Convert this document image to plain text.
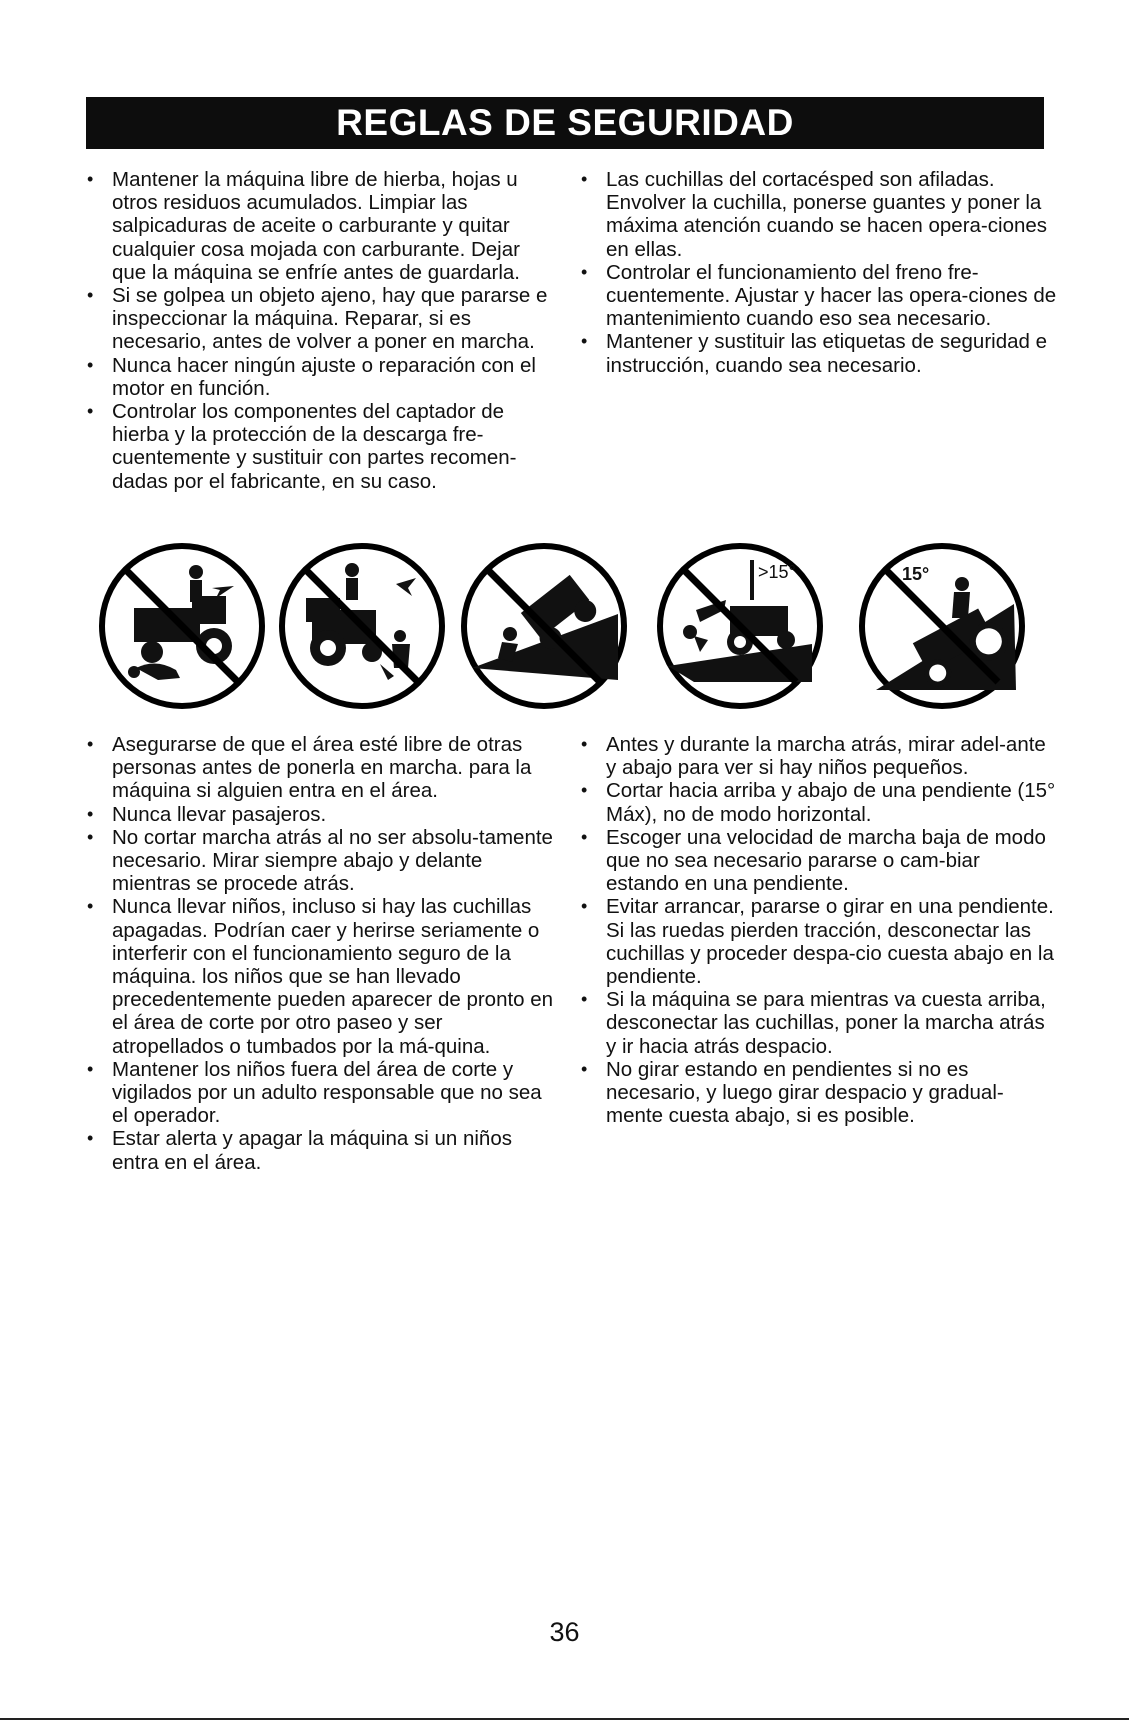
REGLAS DE SEGURIDAD
• Mantener la máquina libre de hierba, hojas u otros residuos acumulados. Limpiar las salpicaduras de aceite o carburante y quitar cualquier cosa mojada con carburante. Dejar que la máquina se enfríe antes de guardarla.
• Si se golpea un objeto ajeno, hay que pararse e inspeccionar la máquina. Reparar, si es necesario, antes de volver a poner en marcha.
• Nunca hacer ningún ajuste o reparación con el motor en función.
• Controlar los componentes del captador de hierba y la protección de la descarga fre-cuentemente y sustituir con partes recomen-dadas por el fabricante, en su caso.
• Las cuchillas del cortacésped son afiladas. Envolver la cuchilla, ponerse guantes y poner la máxima atención cuando se hacen opera-ciones en ellas.
• Controlar el funcionamiento del freno fre-cuentemente. Ajustar y hacer las opera-ciones de mantenimiento cuando eso sea necesario.
• Mantener y sustituir las etiquetas de seguridad e instrucción, cuando sea necesario.
>15°	15°
• Asegurarse de que el área esté libre de otras personas antes de ponerla en marcha. para la máquina si alguien entra en el área.
• Nunca llevar pasajeros.
• No cortar marcha atrás al no ser absolu-tamente necesario. Mirar siempre abajo y delante mientras se procede atrás.
• Nunca llevar niños, incluso si hay las cuchillas apagadas. Podrían caer y herirse seriamente o interferir con el funcionamiento seguro de la máquina. los niños que se han llevado precedentemente pueden aparecer de pronto en el área de corte por otro paseo y ser atropellados o tumbados por la má-quina.
• Mantener los niños fuera del área de corte y vigilados por un adulto responsable que no sea el operador.
• Estar alerta y apagar la máquina si un niños entra en el área.
• Antes y durante la marcha atrás, mirar adel-ante y abajo para ver si hay niños pequeños.
• Cortar hacia arriba y abajo de una pendiente (15° Máx), no de modo horizontal.
• Escoger una velocidad de marcha baja de modo que no sea necesario pararse o cam-biar estando en una pendiente.
• Evitar arrancar, pararse o girar en una pendiente. Si las ruedas pierden tracción, desconectar las cuchillas y proceder despa-cio cuesta abajo en la pendiente.
• Si la máquina se para mientras va cuesta arriba, desconectar las cuchillas, poner la marcha atrás y ir hacia atrás despacio.
• No girar estando en pendientes si no es necesario, y luego girar despacio y gradual-mente cuesta abajo, si es posible.
36
